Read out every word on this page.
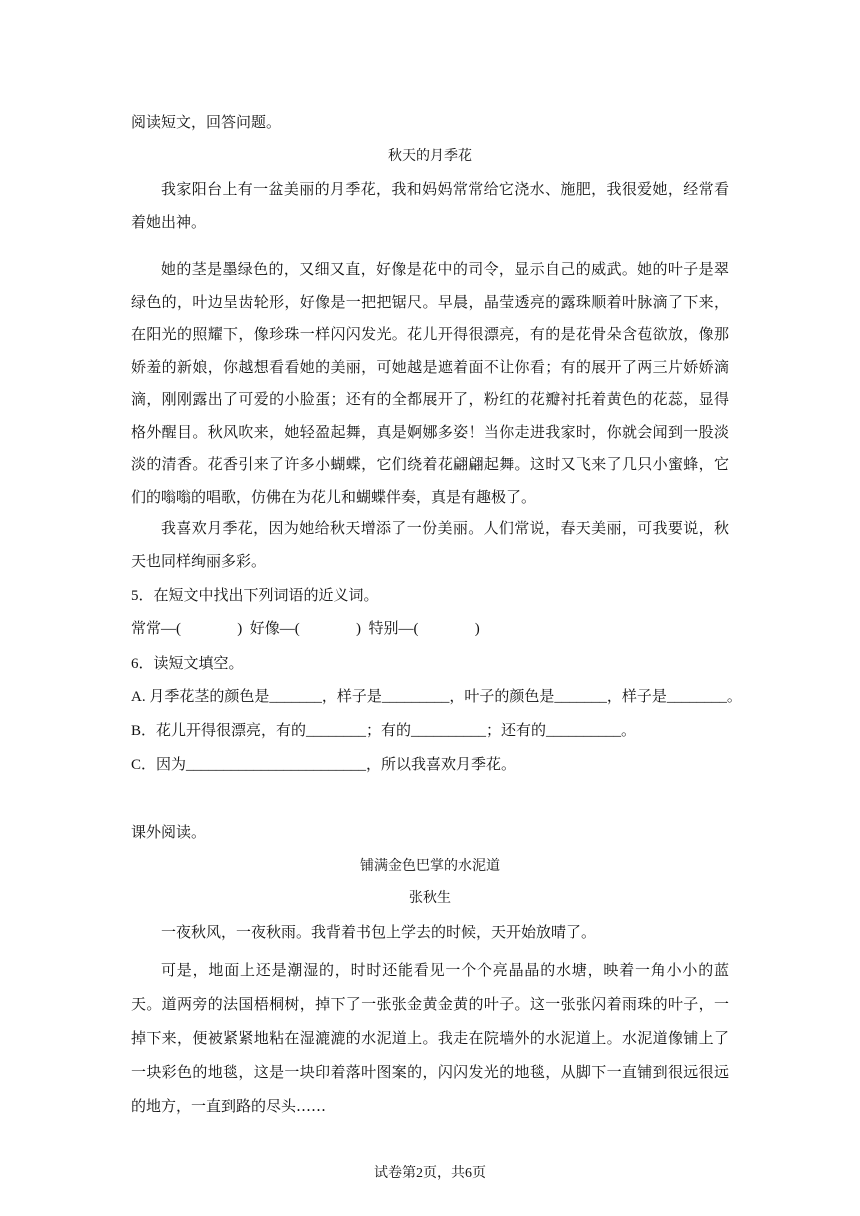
阅读短文，回答问题。
秋天的月季花
我家阳台上有一盆美丽的月季花，我和妈妈常常给它浇水、施肥，我很爱她，经常看着她出神。
她的茎是墨绿色的，又细又直，好像是花中的司令，显示自己的威武。她的叶子是翠绿色的，叶边呈齿轮形，好像是一把把锯尺。早晨，晶莹透亮的露珠顺着叶脉滴了下来，在阳光的照耀下，像珍珠一样闪闪发光。花儿开得很漂亮，有的是花骨朵含苞欲放，像那娇羞的新娘，你越想看看她的美丽，可她越是遮着面不让你看；有的展开了两三片娇娇滴滴，刚刚露出了可爱的小脸蛋；还有的全都展开了，粉红的花瓣衬托着黄色的花蕊，显得格外醒目。秋风吹来，她轻盈起舞，真是婀娜多姿！当你走进我家时，你就会闻到一股淡淡的清香。花香引来了许多小蝴蝶，它们绕着花翩翩起舞。这时又飞来了几只小蜜蜂，它们的嗡嗡的唱歌，仿佛在为花儿和蝴蝶伴奏，真是有趣极了。
我喜欢月季花，因为她给秋天增添了一份美丽。人们常说，春天美丽，可我要说，秋天也同样绚丽多彩。
5．在短文中找出下列词语的近义词。
常常—(               )  好像—(               )  特别—(               )
6．读短文填空。
A. 月季花茎的颜色是_______，样子是_________，叶子的颜色是_______，样子是________。
B．花儿开得很漂亮，有的________；有的__________；还有的__________。
C．因为________________________，所以我喜欢月季花。
课外阅读。
铺满金色巴掌的水泥道
张秋生
一夜秋风，一夜秋雨。我背着书包上学去的时候，天开始放晴了。
可是，地面上还是潮湿的，时时还能看见一个个亮晶晶的水塘，映着一角小小的蓝天。道两旁的法国梧桐树，掉下了一张张金黄金黄的叶子。这一张张闪着雨珠的叶子，一掉下来，便被紧紧地粘在湿漉漉的水泥道上。我走在院墙外的水泥道上。水泥道像铺上了一块彩色的地毯，这是一块印着落叶图案的，闪闪发光的地毯，从脚下一直铺到很远很远的地方，一直到路的尽头……
试卷第2页，共6页
